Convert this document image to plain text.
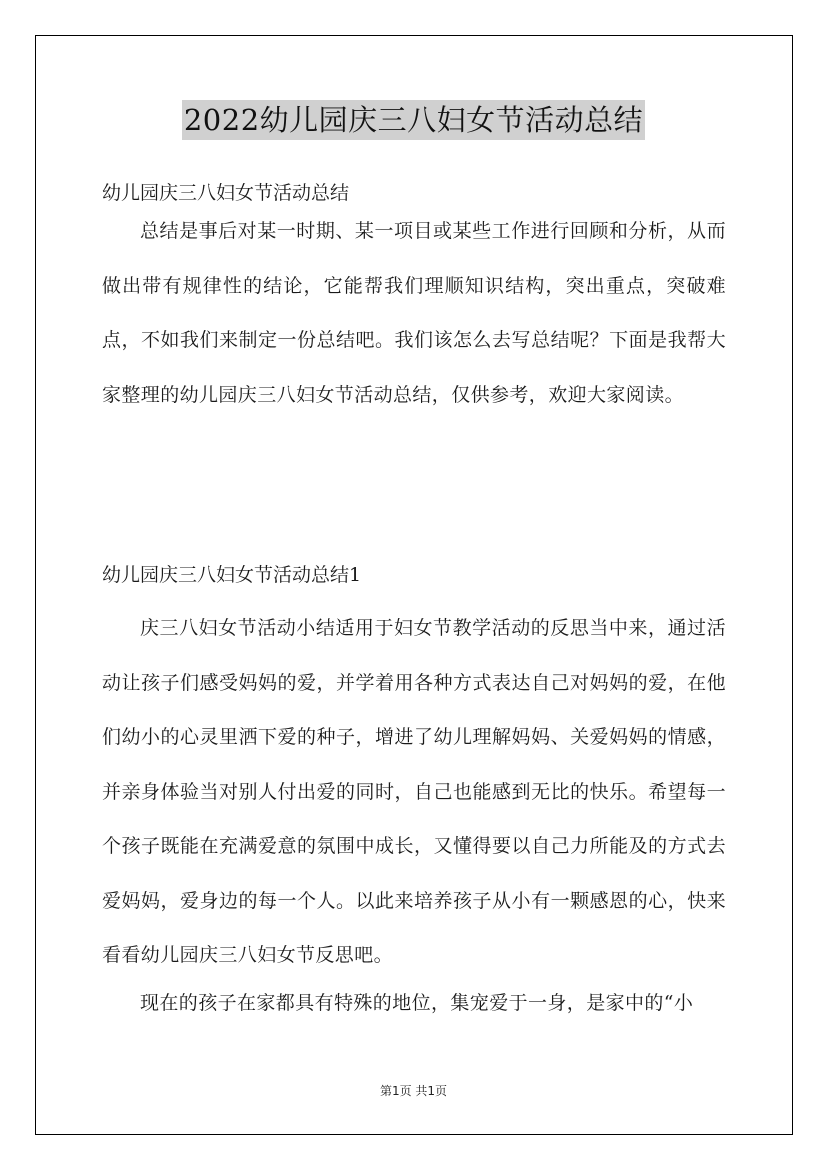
2022幼儿园庆三八妇女节活动总结

幼儿园庆三八妇女节活动总结

总结是事后对某一时期、某一项目或某些工作进行回顾和分析，从而做出带有规律性的结论，它能帮我们理顺知识结构，突出重点，突破难点，不如我们来制定一份总结吧。我们该怎么去写总结呢？下面是我帮大家整理的幼儿园庆三八妇女节活动总结，仅供参考，欢迎大家阅读。

幼儿园庆三八妇女节活动总结1

庆三八妇女节活动小结适用于妇女节教学活动的反思当中来，通过活动让孩子们感受妈妈的爱，并学着用各种方式表达自己对妈妈的爱，在他们幼小的心灵里洒下爱的种子，增进了幼儿理解妈妈、关爱妈妈的情感，并亲身体验当对别人付出爱的同时，自己也能感到无比的快乐。希望每一个孩子既能在充满爱意的氛围中成长，又懂得要以自己力所能及的方式去爱妈妈，爱身边的每一个人。以此来培养孩子从小有一颗感恩的心，快来看看幼儿园庆三八妇女节反思吧。

现在的孩子在家都具有特殊的地位，集宠爱于一身，是家中的“小

第1页 共1页
